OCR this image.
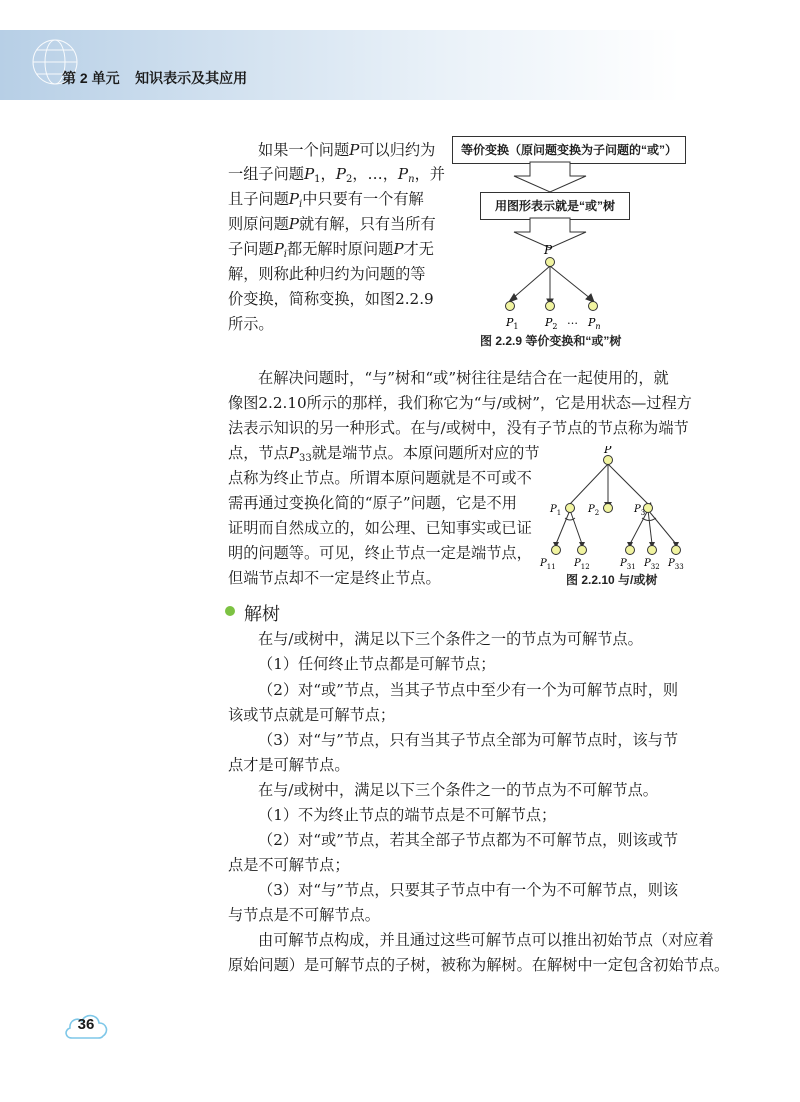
第 2 单元    知识表示及其应用
如果一个问题P可以归约为
一组子问题$P_1$，$P_2$，…，$P_n$，并
且子问题$P_i$中只要有一个有解
则原问题P就有解，只有当所有
子问题$P_i$都无解时原问题P才无
解，则称此种归约为问题的等
价变换，简称变换，如图2.2.9
所示。
等价变换（原问题变换为子问题的“或”）
用图形表示就是“或”树
P
$P_1$ $P_2$ … $P_n$
图 2.2.9 等价变换和“或”树
在解决问题时，“与”树和“或”树往往是结合在一起使用的，就
像图2.2.10所示的那样，我们称它为“与/或树”，它是用状态—过程方
法表示知识的另一种形式。在与/或树中，没有子节点的节点称为端节
点，节点$P_{33}$就是端节点。本原问题所对应的节
点称为终止节点。所谓本原问题就是不可或不
需再通过变换化简的“原子”问题，它是不用
证明而自然成立的，如公理、已知事实或已证
明的问题等。可见，终止节点一定是端节点，
但端节点却不一定是终止节点。
P
$P_1$	$P_2$	$P_3$
$P_{11}$ $P_{12}$	$P_{31}$ $P_{32}$ $P_{33}$
图 2.2.10 与/或树
解树
在与/或树中，满足以下三个条件之一的节点为可解节点。
（1）任何终止节点都是可解节点；
（2）对“或”节点，当其子节点中至少有一个为可解节点时，则
该或节点就是可解节点；
（3）对“与”节点，只有当其子节点全部为可解节点时，该与节
点才是可解节点。
在与/或树中，满足以下三个条件之一的节点为不可解节点。
（1）不为终止节点的端节点是不可解节点；
（2）对“或”节点，若其全部子节点都为不可解节点，则该或节
点是不可解节点；
（3）对“与”节点，只要其子节点中有一个为不可解节点，则该
与节点是不可解节点。
由可解节点构成，并且通过这些可解节点可以推出初始节点（对应着
原始问题）是可解节点的子树，被称为解树。在解树中一定包含初始节点。
36
